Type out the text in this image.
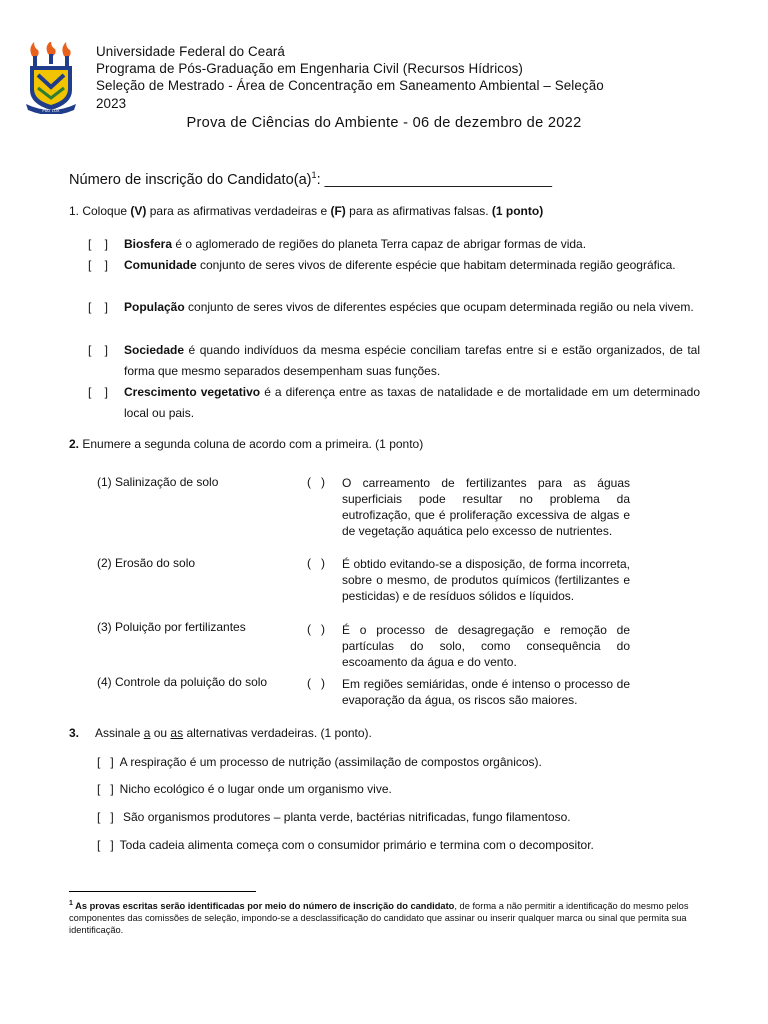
FIAT LUX
Universidade Federal do Ceará
Programa de Pós-Graduação em Engenharia Civil (Recursos Hídricos)
Seleção de Mestrado - Área de Concentração em Saneamento Ambiental – Seleção
2023
Prova de Ciências do Ambiente - 06 de dezembro de 2022
Número de inscrição do $Candidato(a)^1$: ____________________________
1. Coloque (V) para as afirmativas verdadeiras e (F) para as afirmativas falsas. (1 ponto)
[    ]	Biosfera é o aglomerado de regiões do planeta Terra capaz de abrigar formas de vida.
[    ]	Comunidade conjunto de seres vivos de diferente espécie que habitam determinada região geográfica.
[    ]	População conjunto de seres vivos de diferentes espécies que ocupam determinada região ou nela vivem.
[    ]	Sociedade é quando indivíduos da mesma espécie conciliam tarefas entre si e estão organizados, de tal forma que mesmo separados desempenham suas funções.
[    ]	Crescimento vegetativo é a diferença entre as taxas de natalidade e de mortalidade em um determinado local ou pais.
2. Enumere a segunda coluna de acordo com a primeira. (1 ponto)
(1) Salinização de solo	(   ) O carreamento de fertilizantes para as águas superficiais pode resultar no problema da eutrofização, que é proliferação excessiva de algas e de vegetação aquática pelo excesso de nutrientes.
(2) Erosão do solo	(   ) É obtido evitando-se a disposição, de forma incorreta, sobre o mesmo, de produtos químicos (fertilizantes e pesticidas) e de resíduos sólidos e líquidos.
(3) Poluição por fertilizantes	(   ) É o processo de desagregação e remoção de partículas do solo, como consequência do escoamento da água e do vento.
(4) Controle da poluição do solo	(   ) Em regiões semiáridas, onde é intenso o processo de evaporação da água, os riscos são maiores.
3. Assinale a ou as alternativas verdadeiras. (1 ponto).
[   ] A respiração é um processo de nutrição (assimilação de compostos orgânicos).
[   ] Nicho ecológico é o lugar onde um organismo vive.
[   ] São organismos produtores – planta verde, bactérias nitrificadas, fungo filamentoso.
[   ] Toda cadeia alimenta começa com o consumidor primário e termina com o decompositor.
$^1$ As provas escritas serão identificadas por meio do número de inscrição do candidato, de forma a não permitir a identificação do mesmo pelos componentes das comissões de seleção, impondo-se a desclassificação do candidato que assinar ou inserir qualquer marca ou sinal que permita sua identificação.
